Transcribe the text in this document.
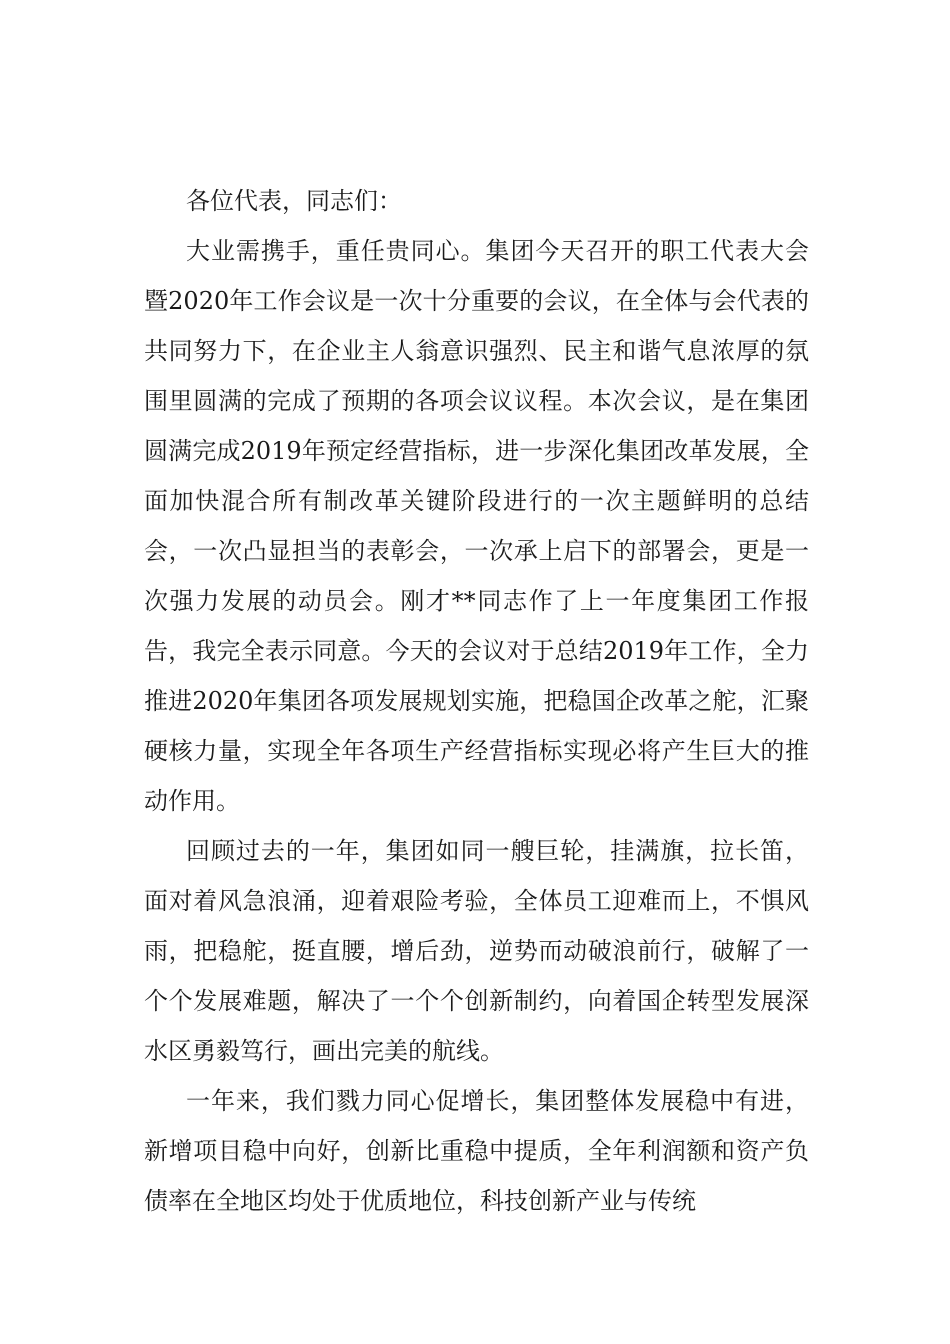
各位代表，同志们：

大业需携手，重任贵同心。集团今天召开的职工代表大会暨2020年工作会议是一次十分重要的会议，在全体与会代表的共同努力下，在企业主人翁意识强烈、民主和谐气息浓厚的氛围里圆满的完成了预期的各项会议议程。本次会议，是在集团圆满完成2019年预定经营指标，进一步深化集团改革发展，全面加快混合所有制改革关键阶段进行的一次主题鲜明的总结会，一次凸显担当的表彰会，一次承上启下的部署会，更是一次强力发展的动员会。刚才**同志作了上一年度集团工作报告，我完全表示同意。今天的会议对于总结2019年工作，全力推进2020年集团各项发展规划实施，把稳国企改革之舵，汇聚硬核力量，实现全年各项生产经营指标实现必将产生巨大的推动作用。

回顾过去的一年，集团如同一艘巨轮，挂满旗，拉长笛，面对着风急浪涌，迎着艰险考验，全体员工迎难而上，不惧风雨，把稳舵，挺直腰，增后劲，逆势而动破浪前行，破解了一个个发展难题，解决了一个个创新制约，向着国企转型发展深水区勇毅笃行，画出完美的航线。

一年来，我们戮力同心促增长，集团整体发展稳中有进，新增项目稳中向好，创新比重稳中提质，全年利润额和资产负债率在全地区均处于优质地位，科技创新产业与传统
